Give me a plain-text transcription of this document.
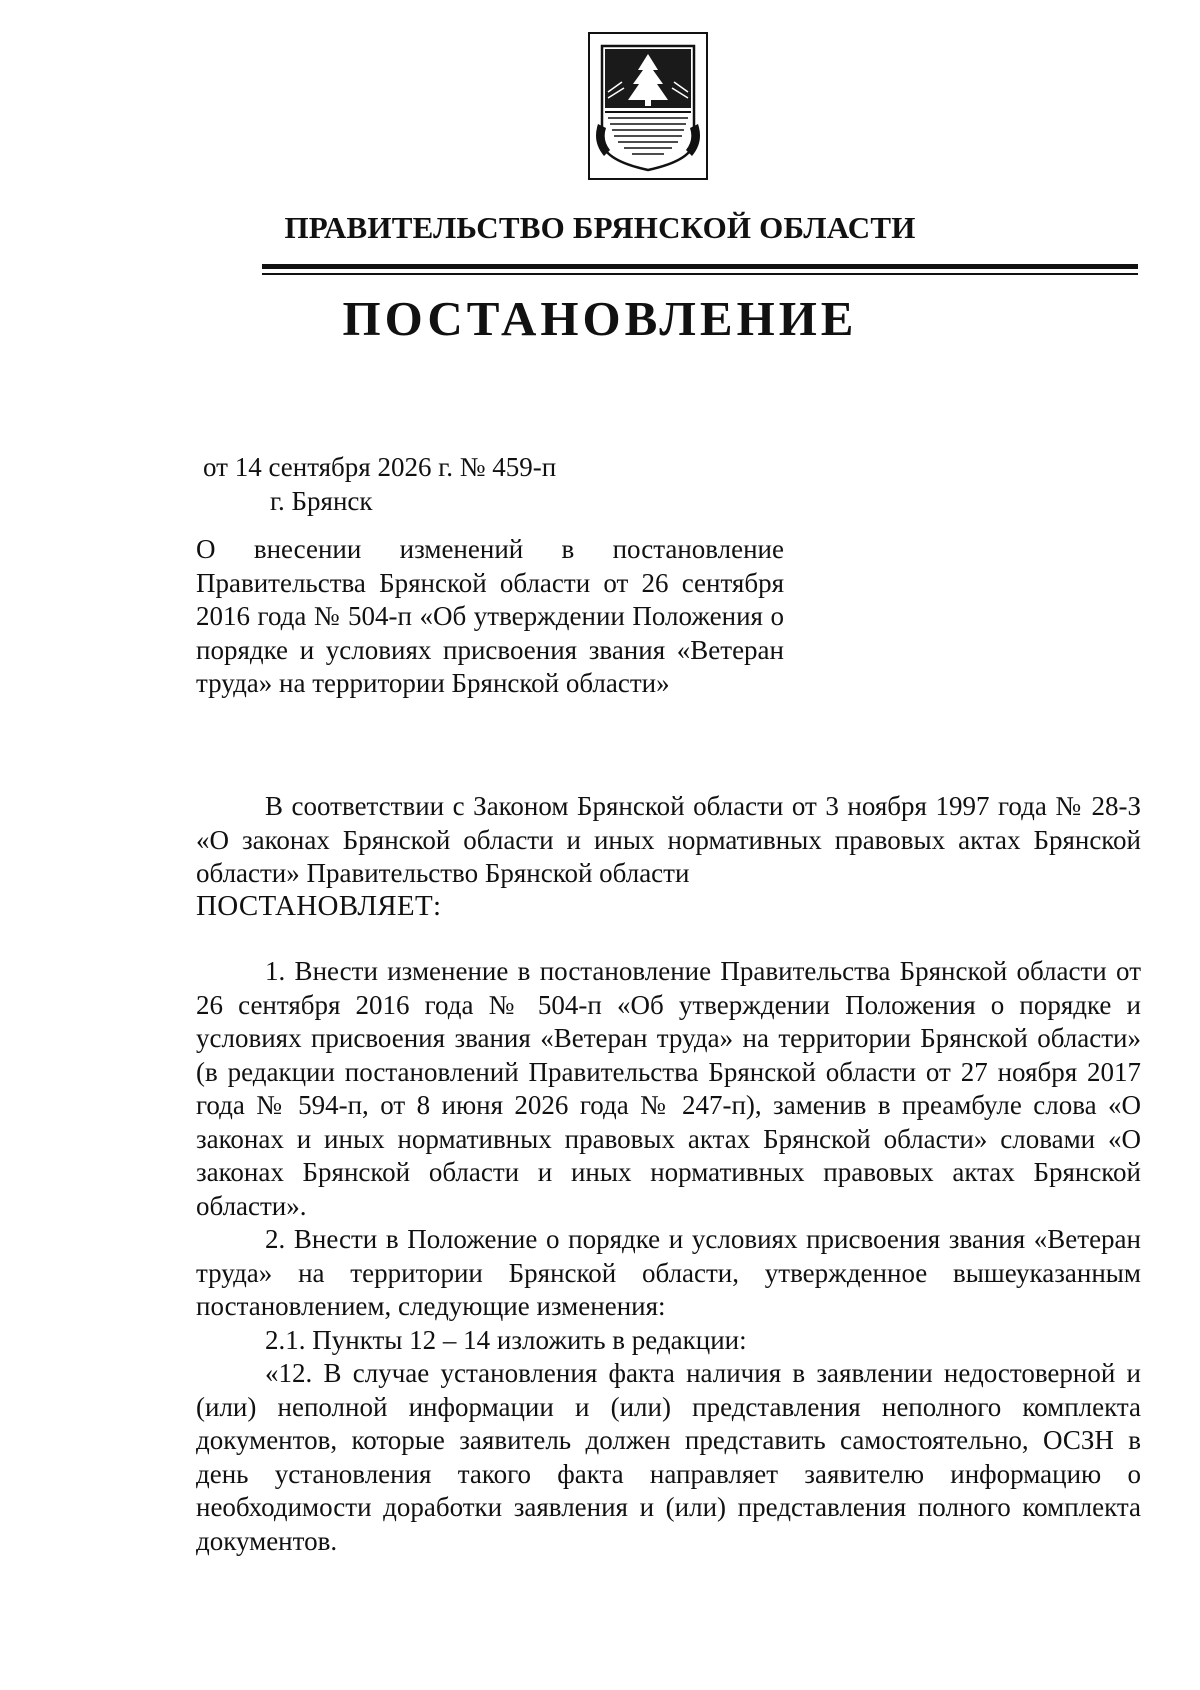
ПРАВИТЕЛЬСТВО БРЯНСКОЙ ОБЛАСТИ
ПОСТАНОВЛЕНИЕ
от 14 сентября 2026 г. № 459-п
г. Брянск
О внесении изменений в постановление Правительства Брянской области от 26 сентября 2016 года № 504-п «Об утверждении Положения о порядке и условиях присвоения звания «Ветеран труда» на территории Брянской области»

В соответствии с Законом Брянской области от 3 ноября 1997 года № 28-З «О законах Брянской области и иных нормативных правовых актах Брянской области» Правительство Брянской области

ПОСТАНОВЛЯЕТ:

1. Внести изменение в постановление Правительства Брянской области от 26 сентября 2016 года № 504-п «Об утверждении Положения о порядке и условиях присвоения звания «Ветеран труда» на территории Брянской области» (в редакции постановлений Правительства Брянской области от 27 ноября 2017 года № 594-п, от 8 июня 2026 года № 247-п), заменив в преамбуле слова «О законах и иных нормативных правовых актах Брянской области» словами «О законах Брянской области и иных нормативных правовых актах Брянской области».

2. Внести в Положение о порядке и условиях присвоения звания «Ветеран труда» на территории Брянской области, утвержденное вышеуказанным постановлением, следующие изменения:

2.1. Пункты 12 – 14 изложить в редакции:

«12. В случае установления факта наличия в заявлении недостоверной и (или) неполной информации и (или) представления неполного комплекта документов, которые заявитель должен представить самостоятельно, ОСЗН в день установления такого факта направляет заявителю информацию о необходимости доработки заявления и (или) представления полного комплекта документов.
